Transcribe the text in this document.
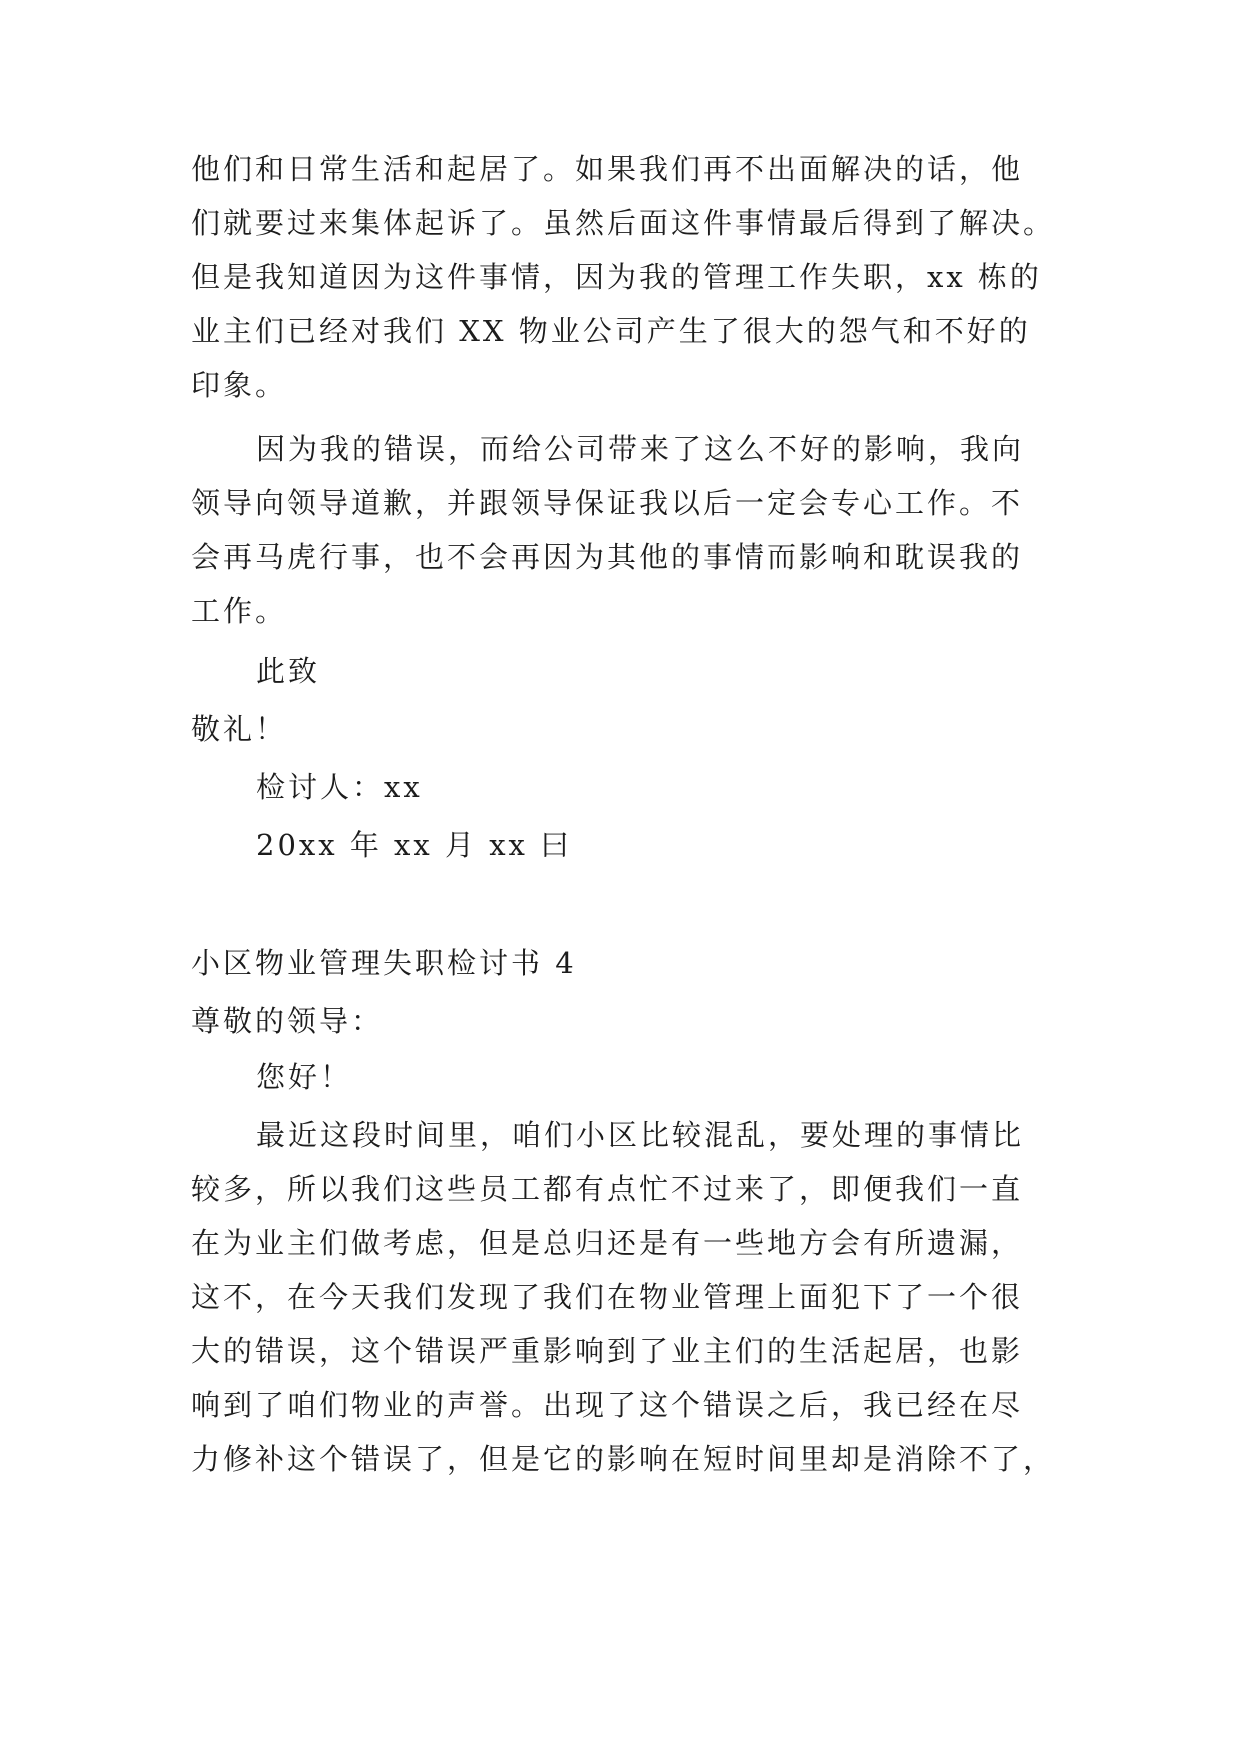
他们和日常生活和起居了。如果我们再不出面解决的话，他
们就要过来集体起诉了。虽然后面这件事情最后得到了解决。
但是我知道因为这件事情，因为我的管理工作失职，xx 栋的
业主们已经对我们 XX 物业公司产生了很大的怨气和不好的
印象。
因为我的错误，而给公司带来了这么不好的影响，我向
领导向领导道歉，并跟领导保证我以后一定会专心工作。不
会再马虎行事，也不会再因为其他的事情而影响和耽误我的
工作。
此致
敬礼！
检讨人：xx
20xx 年 xx 月 xx 曰
小区物业管理失职检讨书 4
尊敬的领导：
您好！
最近这段时间里，咱们小区比较混乱，要处理的事情比
较多，所以我们这些员工都有点忙不过来了，即便我们一直
在为业主们做考虑，但是总归还是有一些地方会有所遗漏，
这不，在今天我们发现了我们在物业管理上面犯下了一个很
大的错误，这个错误严重影响到了业主们的生活起居，也影
响到了咱们物业的声誉。出现了这个错误之后，我已经在尽
力修补这个错误了，但是它的影响在短时间里却是消除不了，
